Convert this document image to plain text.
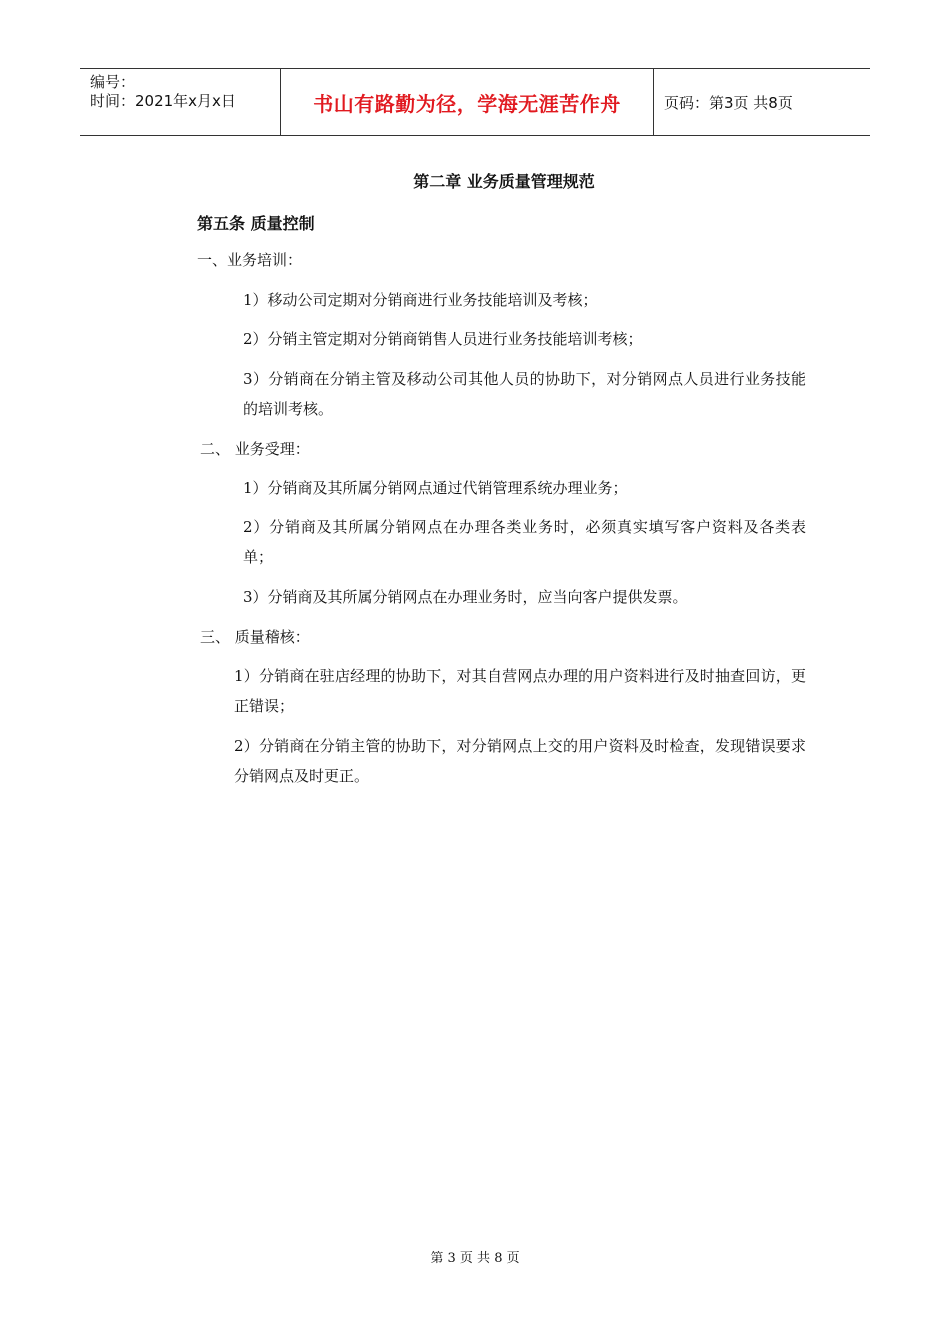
编号：
时间：2021年x月x日	书山有路勤为径，学海无涯苦作舟	页码：第3页 共8页
第二章 业务质量管理规范
第五条 质量控制
一、业务培训：
1）移动公司定期对分销商进行业务技能培训及考核；
2）分销主管定期对分销商销售人员进行业务技能培训考核；
3）分销商在分销主管及移动公司其他人员的协助下，对分销网点人员进行业务技能的培训考核。
二、 业务受理：
1）分销商及其所属分销网点通过代销管理系统办理业务；
2）分销商及其所属分销网点在办理各类业务时，必须真实填写客户资料及各类表单；
3）分销商及其所属分销网点在办理业务时，应当向客户提供发票。
三、 质量稽核：
1）分销商在驻店经理的协助下，对其自营网点办理的用户资料进行及时抽查回访，更正错误；
2）分销商在分销主管的协助下，对分销网点上交的用户资料及时检查，发现错误要求分销网点及时更正。
第 3 页 共 8 页
